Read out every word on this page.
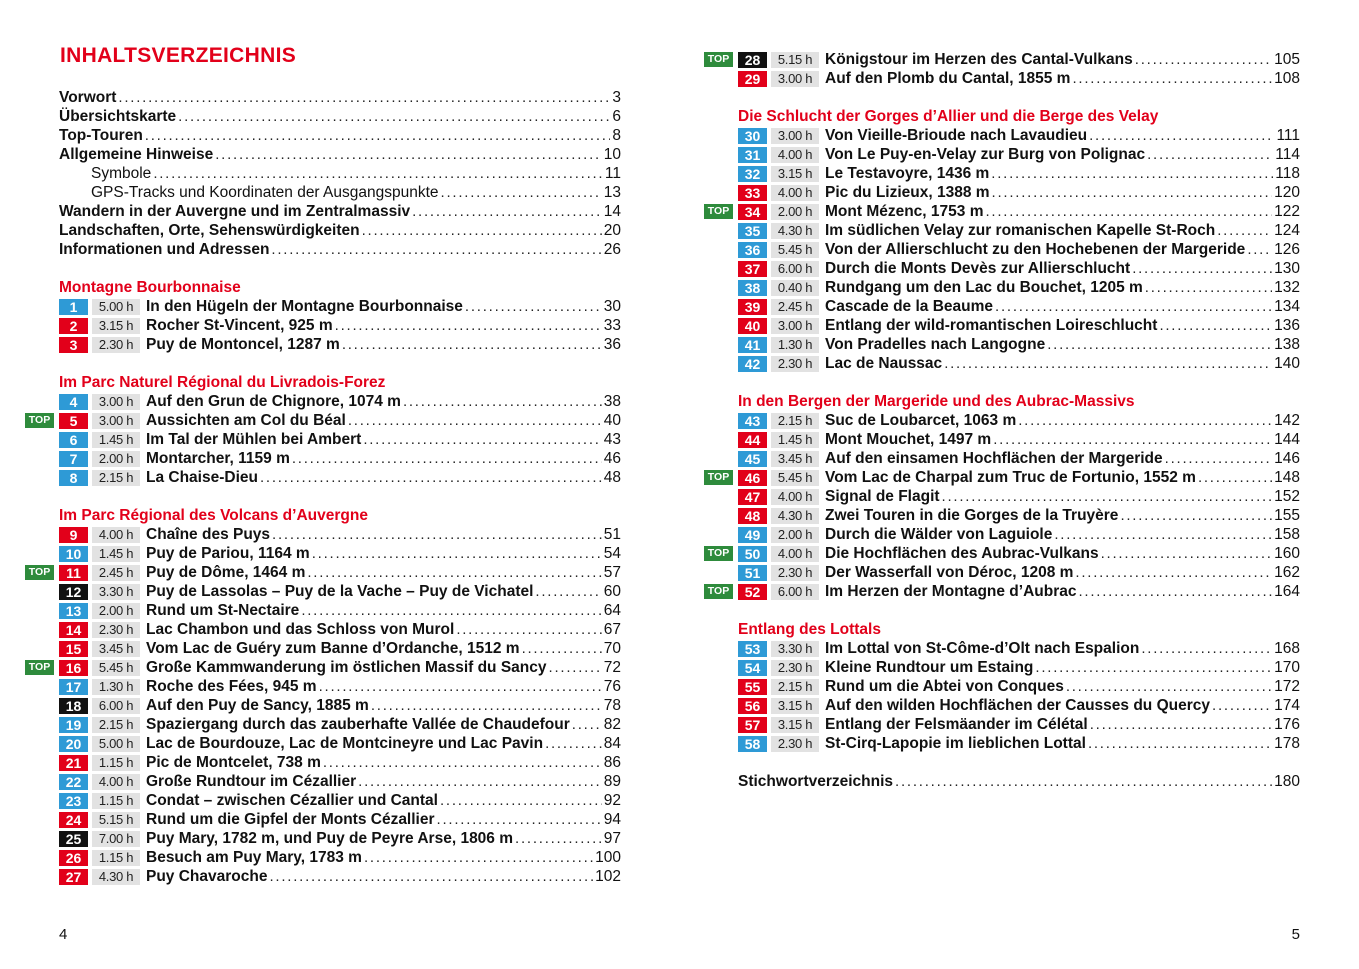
INHALTSVERZEICHNIS
Vorwort . . .	3
Übersichtskarte . . .	6
Top-Touren . . .	8
Allgemeine Hinweise . . .	10
Symbole . . .	11
GPS-Tracks und Koordinaten der Ausgangspunkte . . .	13
Wandern in der Auvergne und im Zentralmassiv . . .	14
Landschaften, Orte, Sehenswürdigkeiten . . .	20
Informationen und Adressen . . .	26
Montagne Bourbonnaise
1	5.00 h In den Hügeln der Montagne Bourbonnaise . . .	30
2	3.15 h Rocher St-Vincent, 925 m . . .	33
3	2.30 h Puy de Montoncel, 1287 m . . .	36
Im Parc Naturel Régional du Livradois-Forez
4	3.00 h Auf den Grun de Chignore, 1074 m . . .	38
TOP	5	3.00 h Aussichten am Col du Béal . . .	40
6	1.45 h Im Tal der Mühlen bei Ambert . . .	43
7	2.00 h Montarcher, 1159 m . . .	46
8	2.15 h La Chaise-Dieu . . .	48
Im Parc Régional des Volcans d’Auvergne
9	4.00 h Chaîne des Puys . . .	51
10	1.45 h Puy de Pariou, 1164 m . . .	54
TOP	11	2.45 h Puy de Dôme, 1464 m . . .	57
12	3.30 h Puy de Lassolas – Puy de la Vache – Puy de Vichatel . . .	60
13	2.00 h Rund um St-Nectaire . . .	64
14	2.30 h Lac Chambon und das Schloss von Murol . . .	67
15	3.45 h Vom Lac de Guéry zum Banne d’Ordanche, 1512 m . . .	70
TOP	16	5.45 h Große Kammwanderung im östlichen Massif du Sancy . . .	72
17	1.30 h Roche des Fées, 945 m . . .	76
18	6.00 h Auf den Puy de Sancy, 1885 m . . .	78
19	2.15 h Spaziergang durch das zauberhafte Vallée de Chaudefour . . . 82
20	5.00 h Lac de Bourdouze, Lac de Montcineyre und Lac Pavin . . .	84
21	1.15 h Pic de Montcelet, 738 m . . .	86
22	4.00 h Große Rundtour im Cézallier . . .	89
23	1.15 h Condat – zwischen Cézallier und Cantal . . .	92
24	5.15 h Rund um die Gipfel der Monts Cézallier . . .	94
25	7.00 h Puy Mary, 1782 m, und Puy de Peyre Arse, 1806 m . . .	97
26	1.15 h Besuch am Puy Mary, 1783 m . . .	100
27	4.30 h Puy Chavaroche . . .	102
4
TOP	28	5.15 h Königstour im Herzen des Cantal-Vulkans . . .	105
29	3.00 h Auf den Plomb du Cantal, 1855 m . . .	108
Die Schlucht der Gorges d’Allier und die Berge des Velay
30	3.00 h Von Vieille-Brioude nach Lavaudieu . . .	111
31	4.00 h Von Le Puy-en-Velay zur Burg von Polignac . . .	114
32	3.15 h Le Testavoyre, 1436 m . . .	118
33	4.00 h Pic du Lizieux, 1388 m . . .	120
TOP	34	2.00 h Mont Mézenc, 1753 m . . .	122
35	4.30 h Im südlichen Velay zur romanischen Kapelle St-Roch . . .	124
36	5.45 h Von der Allierschlucht zu den Hochebenen der Margeride . . . 126
37	6.00 h Durch die Monts Devès zur Allierschlucht . . .	130
38	0.40 h Rundgang um den Lac du Bouchet, 1205 m . . .	132
39	2.45 h Cascade de la Beaume . . .	134
40	3.00 h Entlang der wild-romantischen Loireschlucht . . .	136
41	1.30 h Von Pradelles nach Langogne . . .	138
42	2.30 h Lac de Naussac . . .	140
In den Bergen der Margeride und des Aubrac-Massivs
43	2.15 h Suc de Loubarcet, 1063 m . . .	142
44	1.45 h Mont Mouchet, 1497 m . . .	144
45	3.45 h Auf den einsamen Hochflächen der Margeride . . .	146
TOP	46	5.45 h Vom Lac de Charpal zum Truc de Fortunio, 1552 m . . .	148
47	4.00 h Signal de Flagit . . .	152
48	4.30 h Zwei Touren in die Gorges de la Truyère . . .	155
49	2.00 h Durch die Wälder von Laguiole . . .	158
TOP	50	4.00 h Die Hochflächen des Aubrac-Vulkans . . .	160
51	2.30 h Der Wasserfall von Déroc, 1208 m . . .	162
TOP	52	6.00 h Im Herzen der Montagne d’Aubrac . . .	164
Entlang des Lottals
53	3.30 h Im Lottal von St-Côme-d’Olt nach Espalion . . .	168
54	2.30 h Kleine Rundtour um Estaing . . .	170
55	2.15 h Rund um die Abtei von Conques . . .	172
56	3.15 h Auf den wilden Hochflächen der Causses du Quercy . . .	174
57	3.15 h Entlang der Felsmäander im Célétal . . .	176
58	2.30 h St-Cirq-Lapopie im lieblichen Lottal . . .	178
Stichwortverzeichnis . . .	180
5
